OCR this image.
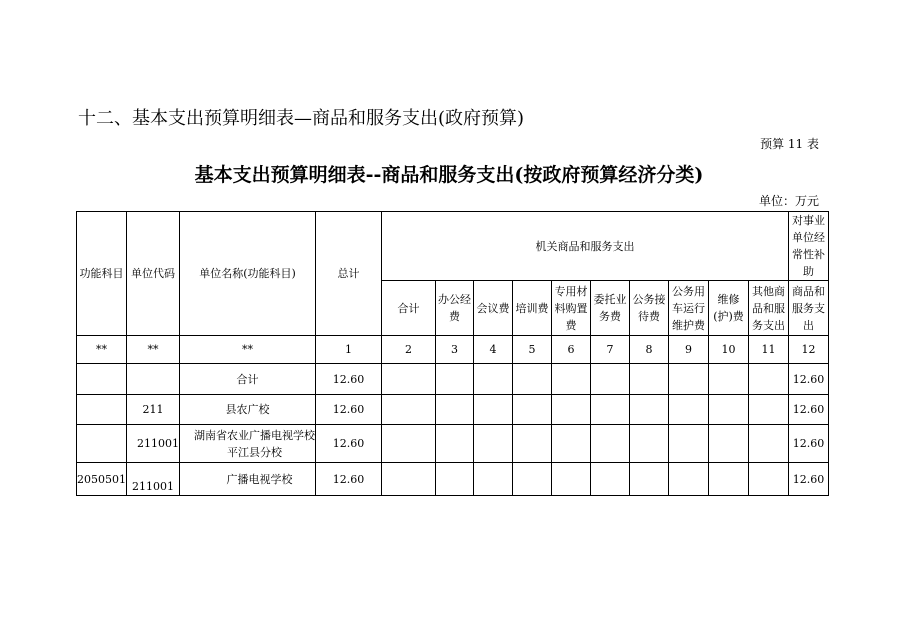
十二、基本支出预算明细表—商品和服务支出(政府预算)
预算 11 表
基本支出预算明细表--商品和服务支出(按政府预算经济分类)
单位：万元
功能科目	单位代码	单位名称(功能科目)	总计	机关商品和服务支出										对事业单位经常性补助
				合计	办公经费	会议费	培训费	专用材料购置费	委托业务费	公务接待费	公务用车运行维护费	维修(护)费	其他商品和服务支出	商品和服务支出
**	**	**	1	2	3	4	5	6	7	8	9	10	11	12
		合计	12.60											12.60
	211	县农广校	12.60											12.60
	211001	湖南省农业广播电视学校平江县分校	12.60											12.60
2050501	211001	广播电视学校	12.60											12.60
